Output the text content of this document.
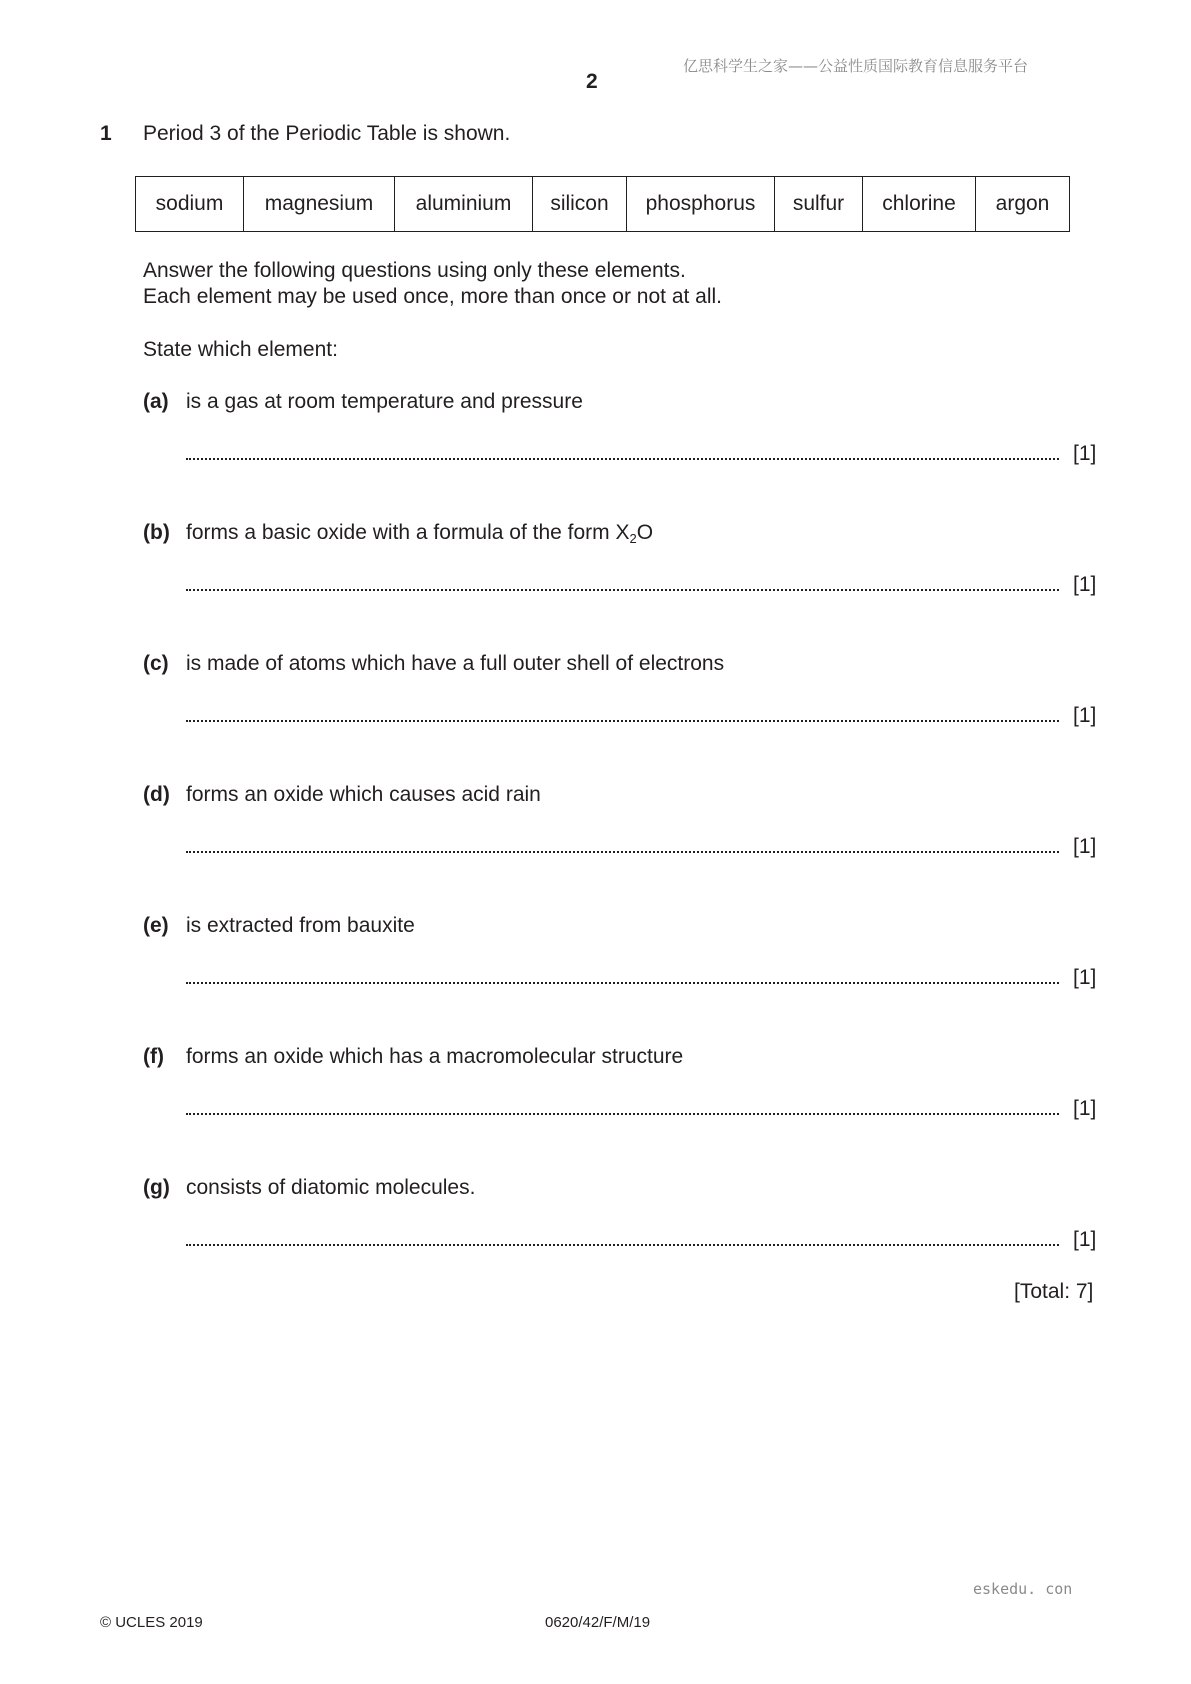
亿思科学生之家——公益性质国际教育信息服务平台
2
1 Period 3 of the Periodic Table is shown.
sodium	magnesium	aluminium	silicon	phosphorus	sulfur	chlorine	argon
Answer the following questions using only these elements.
Each element may be used once, more than once or not at all.
State which element:
(a) is a gas at room temperature and pressure
[1]
(b) forms a basic oxide with a formula of the form $X_2O$
[1]
(c) is made of atoms which have a full outer shell of electrons
[1]
(d) forms an oxide which causes acid rain
[1]
(e) is extracted from bauxite
[1]
(f) forms an oxide which has a macromolecular structure
[1]
(g) consists of diatomic molecules.
[1]
[Total: 7]
eskedu. con
© UCLES 2019	0620/42/F/M/19
